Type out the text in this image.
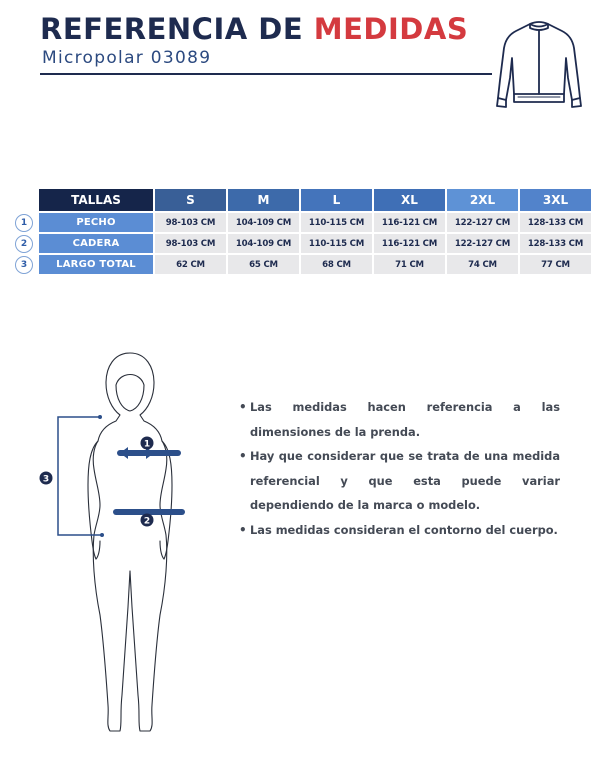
REFERENCIA DE MEDIDAS
Micropolar 03089
	TALLAS	S	M	L	XL	2XL	3XL

1	PECHO	98-103 CM	104-109 CM	110-115 CM	116-121 CM	122-127 CM	128-133 CM

2	CADERA	98-103 CM	104-109 CM	110-115 CM	116-121 CM	122-127 CM	128-133 CM

3	LARGO TOTAL	62 CM	65 CM	68 CM	71 CM	74 CM	77 CM
1
2
3
• Las medidas hacen referencia a las dimensiones de la prenda.
• Hay que considerar que se trata de una medida referencial y que esta puede variar dependiendo de la marca o modelo.
• Las medidas consideran el contorno del cuerpo.
